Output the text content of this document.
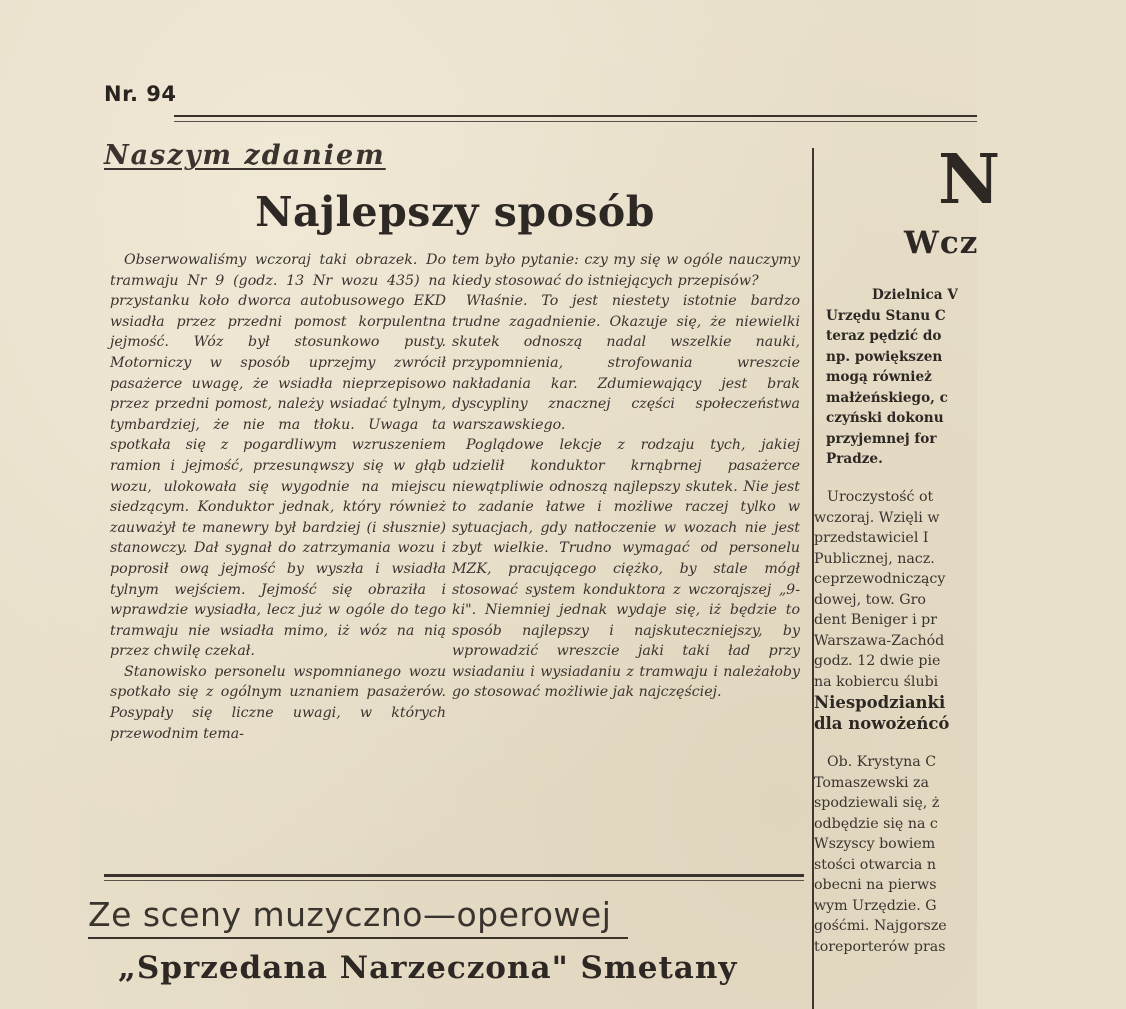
Nr. 94
Naszym zdaniem
Najlepszy sposób

Obserwowaliśmy wczoraj taki obrazek. Do tramwaju Nr 9 (godz. 13 Nr wozu 435) na przystanku koło dworca autobusowego EKD wsiadła przez przedni pomost korpulentna jejmość. Wóz był stosunkowo pusty. Motorniczy w sposób uprzejmy zwrócił pasażerce uwagę, że wsiadła nieprzepisowo przez przedni pomost, należy wsiadać tylnym, tymbardziej, że nie ma tłoku. Uwaga ta spotkała się z pogardliwym wzruszeniem ramion i jejmość, przesunąwszy się w głąb wozu, ulokowała się wygodnie na miejscu siedzącym. Konduktor jednak, który również zauważył te manewry był bardziej (i słusznie) stanowczy. Dał sygnał do zatrzymania wozu i poprosił ową jejmość by wyszła i wsiadła tylnym wejściem. Jejmość się obraziła i wprawdzie wysiadła, lecz już w ogóle do tego tramwaju nie wsiadła mimo, iż wóz na nią przez chwilę czekał.

Stanowisko personelu wspomnianego wozu spotkało się z ogólnym uznaniem pasażerów. Posypały się liczne uwagi, w których przewodnim tema-

tem było pytanie: czy my się w ogóle nauczymy kiedy stosować do istniejących przepisów?

Właśnie. To jest niestety istotnie bardzo trudne zagadnienie. Okazuje się, że niewielki skutek odnoszą nadal wszelkie nauki, przypomnienia, strofowania wreszcie nakładania kar. Zdumiewający jest brak dyscypliny znacznej części społeczeństwa warszawskiego.

Poglądowe lekcje z rodzaju tych, jakiej udzielił konduktor krnąbrnej pasażerce niewątpliwie odnoszą najlepszy skutek. Nie jest to zadanie łatwe i możliwe raczej tylko w sytuacjach, gdy natłoczenie w wozach nie jest zbyt wielkie. Trudno wymagać od personelu MZK, pracującego ciężko, by stale mógł stosować system konduktora z wczorajszej „9-ki". Niemniej jednak wydaje się, iż będzie to sposób najlepszy i najskuteczniejszy, by wprowadzić wreszcie jaki taki ład przy wsiadaniu i wysiadaniu z tramwaju i należałoby go stosować możliwie jak najczęściej.

Ze sceny muzyczno—operowej
„Sprzedana Narzeczona" Smetany
N
Wcz
Dzielnica V
Urzędu Stanu C
teraz pędzić do
np. powiększen
mogą również
małżeńskiego, c
czyński dokonu
przyjemnej for
Pradze.
Uroczystość ot
wczoraj. Wzięli w
przedstawiciel I
Publicznej, nacz.
ceprzewodniczący
dowej, tow. Gro
dent Beniger i pr
Warszawa-Zachód
godz. 12 dwie pie
na kobiercu ślubi
Niespodzianki
dla nowożeńcó
Ob. Krystyna C
Tomaszewski za
spodziewali się, ż
odbędzie się na c
Wszyscy bowiem
stości otwarcia n
obecni na pierws
wym Urzędzie. G
gośćmi. Najgorsze
toreporterów pras
